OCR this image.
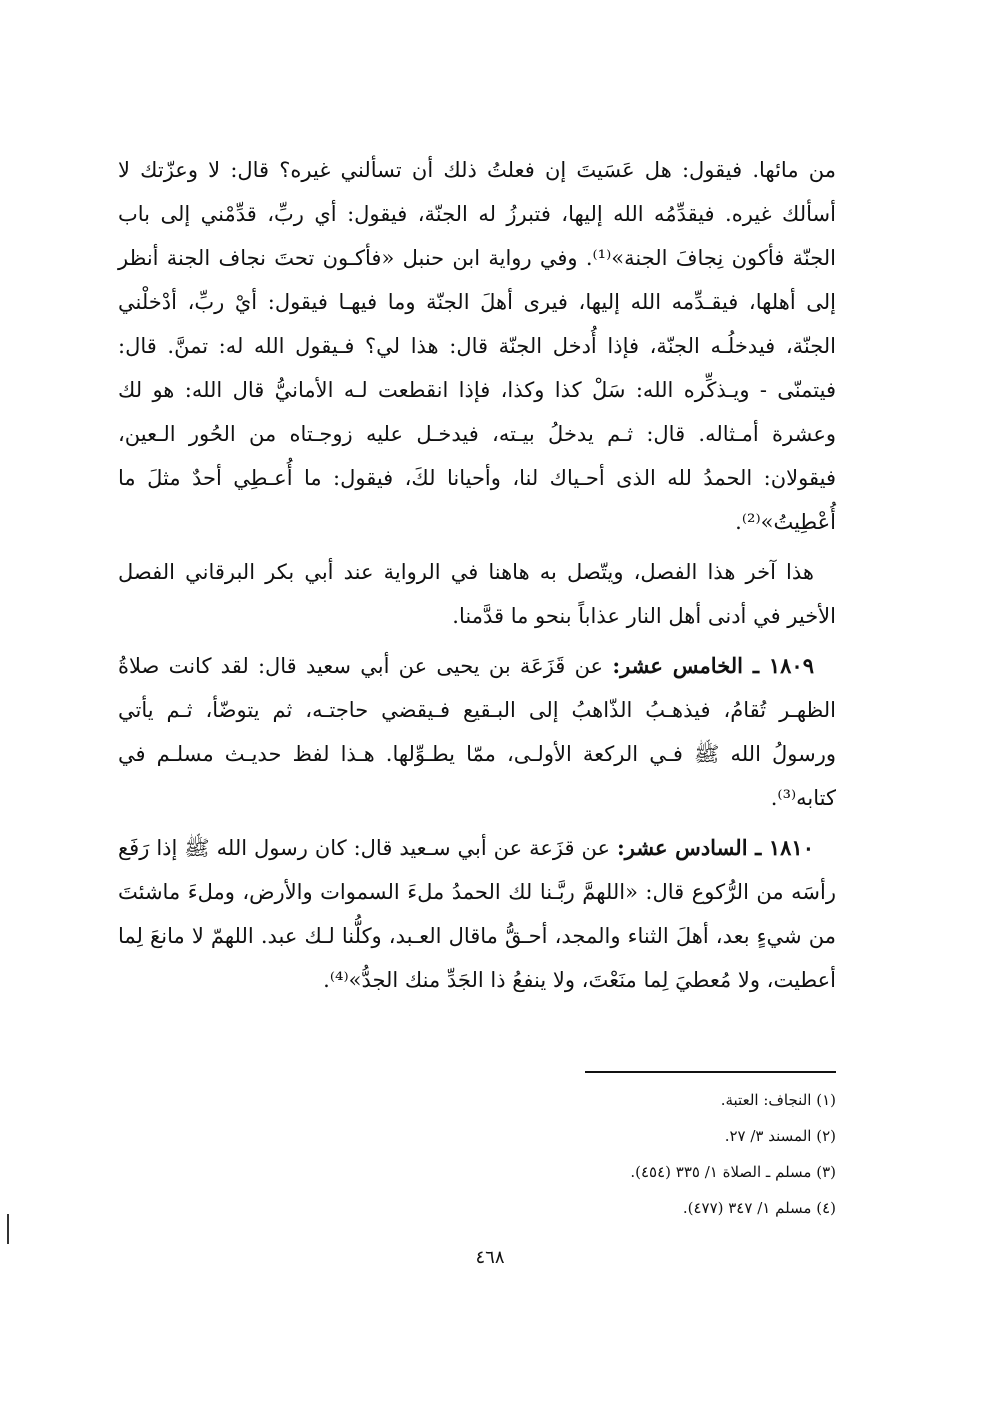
من مائها. فيقول: هل عَسَيتَ إن فعلتُ ذلك أن تسألني غيره؟ قال: لا وعزّتك لا أسألك غيره. فيقدِّمُه الله إليها، فتبرزُ له الجنّة، فيقول: أي ربِّ، قدِّمْني إلى باب الجنّة فأكون نِجافَ الجنة»⁽¹⁾. وفي رواية ابن حنبل «فأكـون تحتَ نجاف الجنة أنظر إلى أهلها، فيقـدِّمه الله إليها، فيرى أهلَ الجنّة وما فيهـا فيقول: أيْ ربِّ، أدْخلْني الجنّة، فيدخلُـه الجنّة، فإذا أُدخل الجنّة قال: هذا لي؟ فـيقول الله له: تمنَّ. قال: فيتمنّى - ويـذكِّره الله: سَلْ كذا وكذا، فإذا انقطعت لـه الأمانيُّ قال الله: هو لك وعشرة أمـثاله. قال: ثـم يدخلُ بيـته، فيدخـل عليه زوجـتاه من الحُور الـعين، فيقولان: الحمدُ لله الذى أحـياك لنا، وأحيانا لكَ، فيقول: ما أُعـطِي أحدٌ مثلَ ما أُعْطِيتُ»⁽²⁾.

هذا آخر هذا الفصل، ويتّصل به هاهنا في الرواية عند أبي بكر البرقاني الفصل الأخير في أدنى أهل النار عذاباً بنحو ما قدَّمنا.

١٨٠٩ ـ الخامس عشر: عن قَزَعَة بن يحيى عن أبي سعيد قال: لقد كانت صلاةُ الظهـر تُقامُ، فيذهـبُ الذّاهبُ إلى البـقيع فـيقضي حاجتـه، ثم يتوضّأ، ثـم يأتي ورسولُ الله ﷺ فـي الركعة الأولـى، ممّا يطـوِّلها. هـذا لفظ حديـث مسلـم في كتابه⁽³⁾.

١٨١٠ ـ السادس عشر: عن قزَعة عن أبي سـعيد قال: كان رسول الله ﷺ إذا رَفَع رأسَه من الرُّكوع قال: «اللهمَّ ربَّـنا لك الحمدُ ملءَ السموات والأرض، وملءَ ماشئتَ من شيءٍ بعد، أهلَ الثناء والمجد، أحـقُّ ماقال العـبد، وكلُّنا لـك عبد. اللهمّ لا مانعَ لِما أعطيت، ولا مُعطيَ لِما منَعْتَ، ولا ينفعُ ذا الجَدِّ منك الجدُّ»⁽⁴⁾.

(١) النجاف: العتبة.

(٢) المسند ٣/ ٢٧.

(٣) مسلم ـ الصلاة ١/ ٣٣٥ (٤٥٤).

(٤) مسلم ١/ ٣٤٧ (٤٧٧).

٤٦٨
